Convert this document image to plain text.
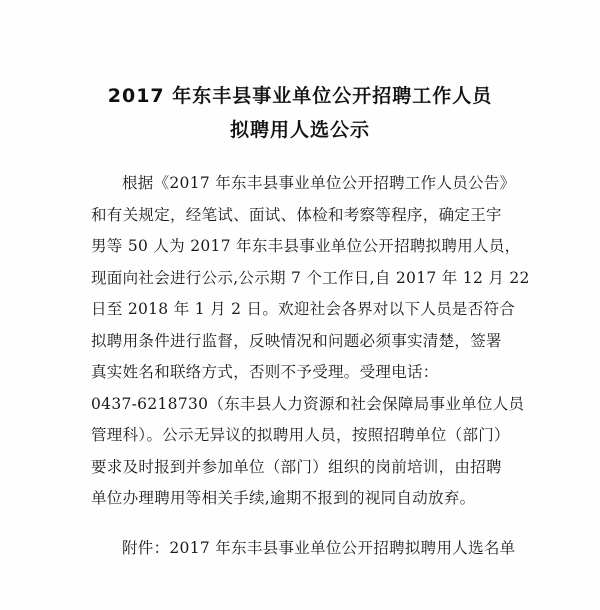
2017 年东丰县事业单位公开招聘工作人员
拟聘用人选公示
根据《2017 年东丰县事业单位公开招聘工作人员公告》
和有关规定，经笔试、面试、体检和考察等程序，确定王宇
男等 50 人为 2017 年东丰县事业单位公开招聘拟聘用人员，
现面向社会进行公示,公示期 7 个工作日,自 2017 年 12 月 22
日至 2018 年 1 月 2 日。欢迎社会各界对以下人员是否符合
拟聘用条件进行监督，反映情况和问题必须事实清楚，签署
真实姓名和联络方式，否则不予受理。受理电话：
0437-6218730（东丰县人力资源和社会保障局事业单位人员
管理科）。公示无异议的拟聘用人员，按照招聘单位（部门）
要求及时报到并参加单位（部门）组织的岗前培训，由招聘
单位办理聘用等相关手续,逾期不报到的视同自动放弃。
附件：2017 年东丰县事业单位公开招聘拟聘用人选名单
